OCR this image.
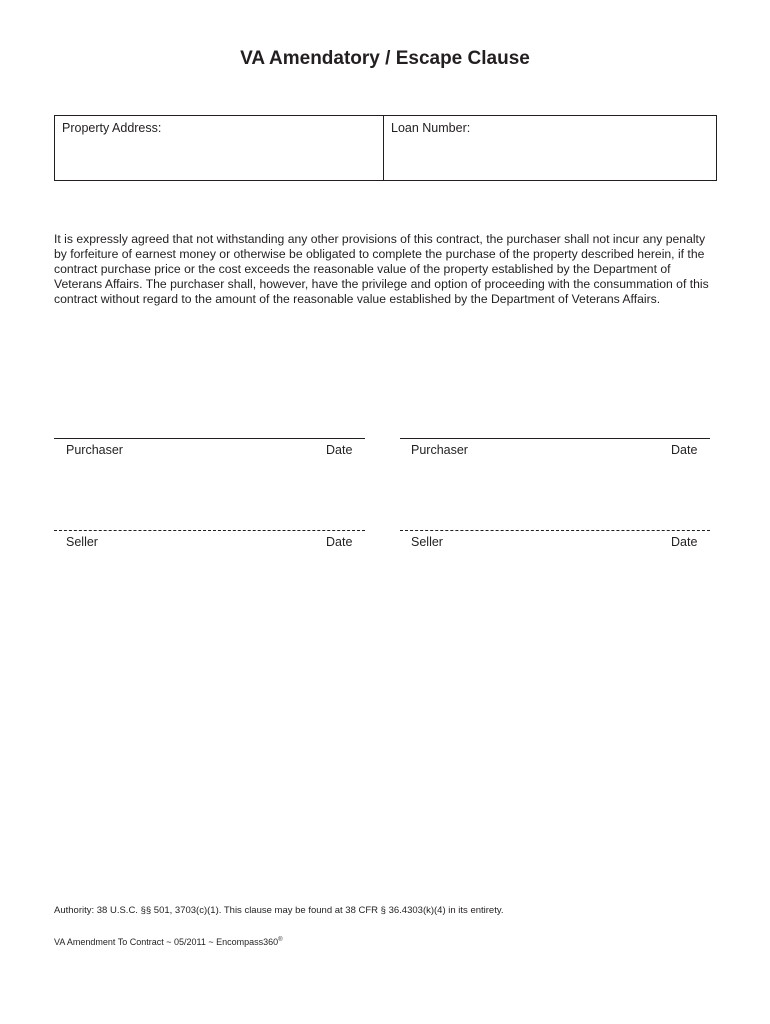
VA Amendatory / Escape Clause
Property Address:	Loan Number:
It is expressly agreed that not withstanding any other provisions of this contract, the purchaser shall not incur any penalty by forfeiture of earnest money or otherwise be obligated to complete the purchase of the property described herein, if the contract purchase price or the cost exceeds the reasonable value of the property established by the Department of Veterans Affairs. The purchaser shall, however, have the privilege and option of proceeding with the consummation of this contract without regard to the amount of the reasonable value established by the Department of Veterans Affairs.
Purchaser	Date	Purchaser	Date
Seller	Date	Seller	Date
Authority: 38 U.S.C. §§ 501, 3703(c)(1). This clause may be found at 38 CFR § 36.4303(k)(4) in its entirety.
VA Amendment To Contract ~ 05/2011 ~ Encompass360®
